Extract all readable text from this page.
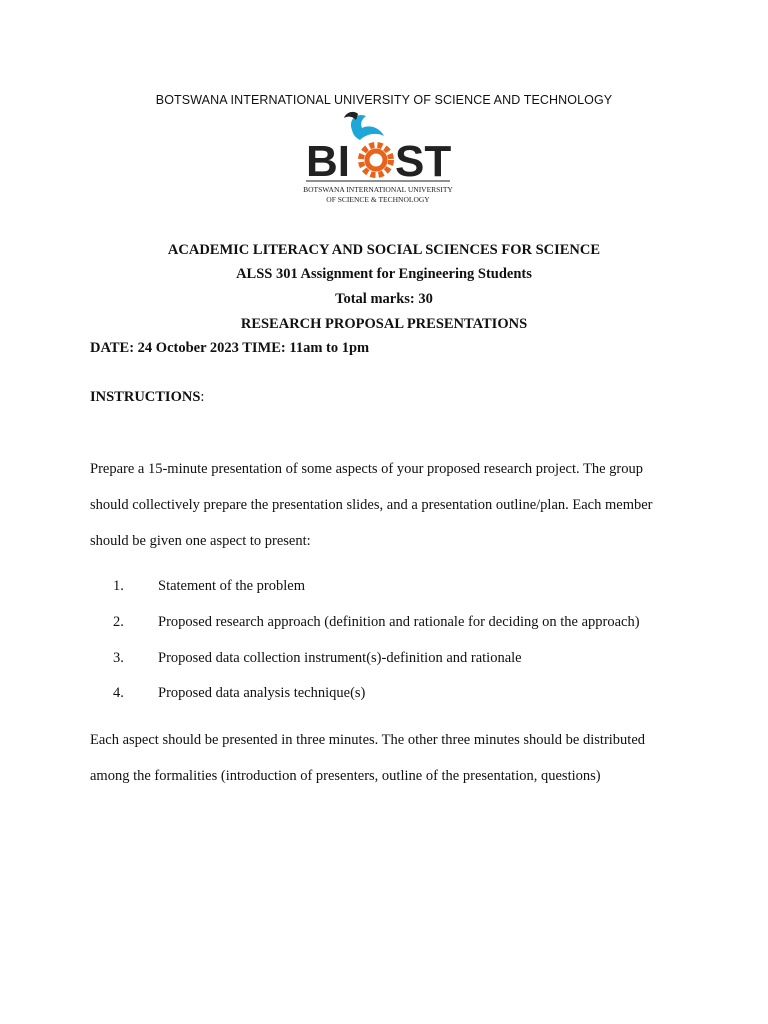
BOTSWANA INTERNATIONAL UNIVERSITY OF SCIENCE AND TECHNOLOGY
BI ST
BOTSWANA INTERNATIONAL UNIVERSITY
OF SCIENCE & TECHNOLOGY
ACADEMIC LITERACY AND SOCIAL SCIENCES FOR SCIENCE
ALSS 301 Assignment for Engineering Students
Total marks: 30
RESEARCH PROPOSAL PRESENTATIONS
DATE: 24 October 2023 TIME: 11am to 1pm
INSTRUCTIONS:
Prepare a 15-minute presentation of some aspects of your proposed research project. The group
should collectively prepare the presentation slides, and a presentation outline/plan. Each member
should be given one aspect to present:
1. Statement of the problem
2. Proposed research approach (definition and rationale for deciding on the approach)
3. Proposed data collection instrument(s)-definition and rationale
4. Proposed data analysis technique(s)
Each aspect should be presented in three minutes. The other three minutes should be distributed
among the formalities (introduction of presenters, outline of the presentation, questions)
